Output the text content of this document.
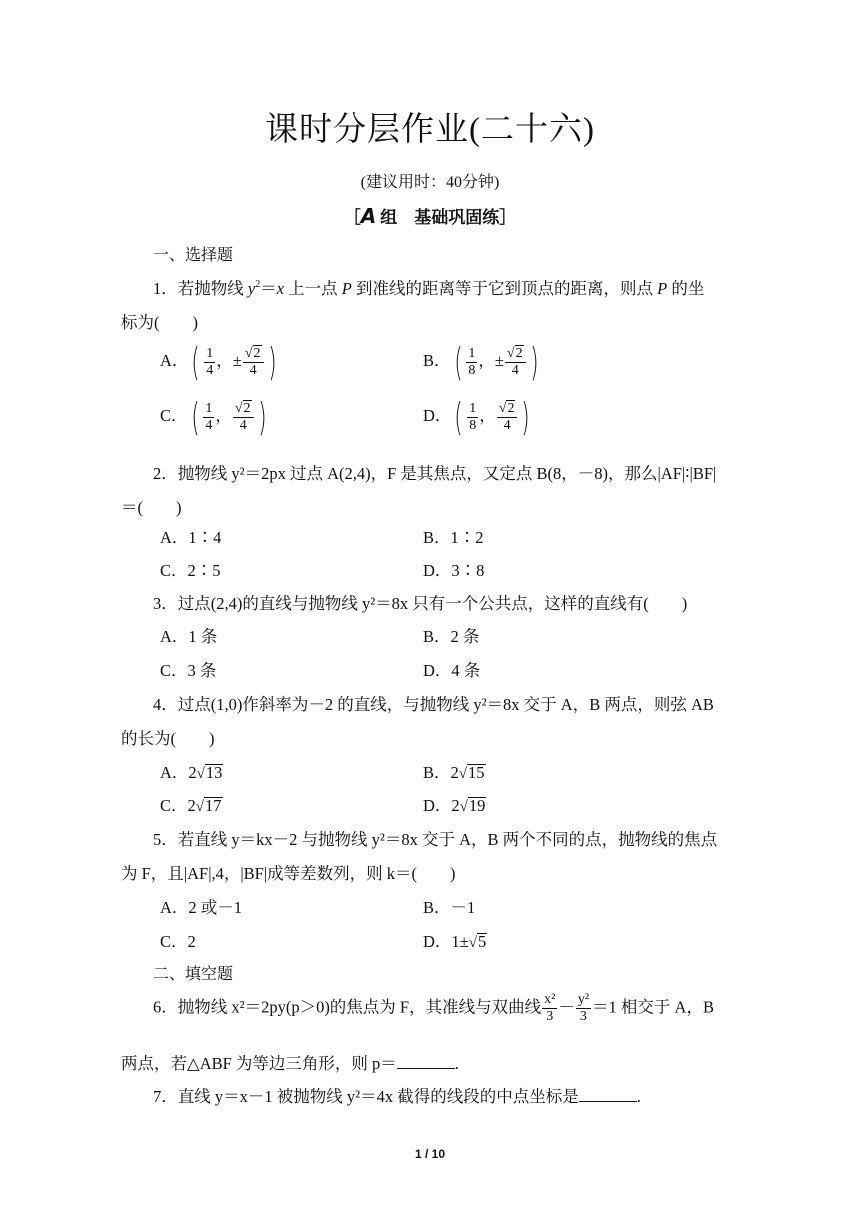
课时分层作业(二十六)
(建议用时：40分钟)
［A 组　基础巩固练］
一、选择题
1．若抛物线 $y^2=x$ 上一点 P 到准线的距离等于它到顶点的距离，则点 P 的坐
标为(　　)
A．( $\frac{1}{4}$ ，± $\frac{√2}{4}$ )	B．( $\frac{1}{8}$ ，± $\frac{√2}{4}$ )
C．( $\frac{1}{4}$ ， $\frac{√2}{4}$ )	D．( $\frac{1}{8}$ ， $\frac{√2}{4}$ )
2．抛物线 y²＝2px 过点 A(2,4)，F 是其焦点，又定点 B(8，－8)，那么|AF|∶|BF|
＝(　　)
A．1∶4	B．1∶2
C．2∶5	D．3∶8
3．过点(2,4)的直线与抛物线 y²＝8x 只有一个公共点，这样的直线有(　　)
A．1 条	B．2 条
C．3 条	D．4 条
4．过点(1,0)作斜率为－2 的直线，与抛物线 y²＝8x 交于 A，B 两点，则弦 AB
的长为(　　)
A．2√13	B．2√15
C．2√17	D．2√19
5．若直线 y＝kx－2 与抛物线 y²＝8x 交于 A，B 两个不同的点，抛物线的焦点
为 F，且|AF|,4，|BF|成等差数列，则 k＝(　　)
A．2 或－1	B．－1
C．2	D．1±√5
二、填空题
6．抛物线 x²＝2py(p＞0)的焦点为 F，其准线与双曲线 $\frac{\text{x²}}{3} - \frac{\text{y²}}{3} =1$ 相交于 A，B
两点，若△ABF 为等边三角形，则 p＝	.
7．直线 y＝x－1 被抛物线 y²＝4x 截得的线段的中点坐标是	.
1 / 10
